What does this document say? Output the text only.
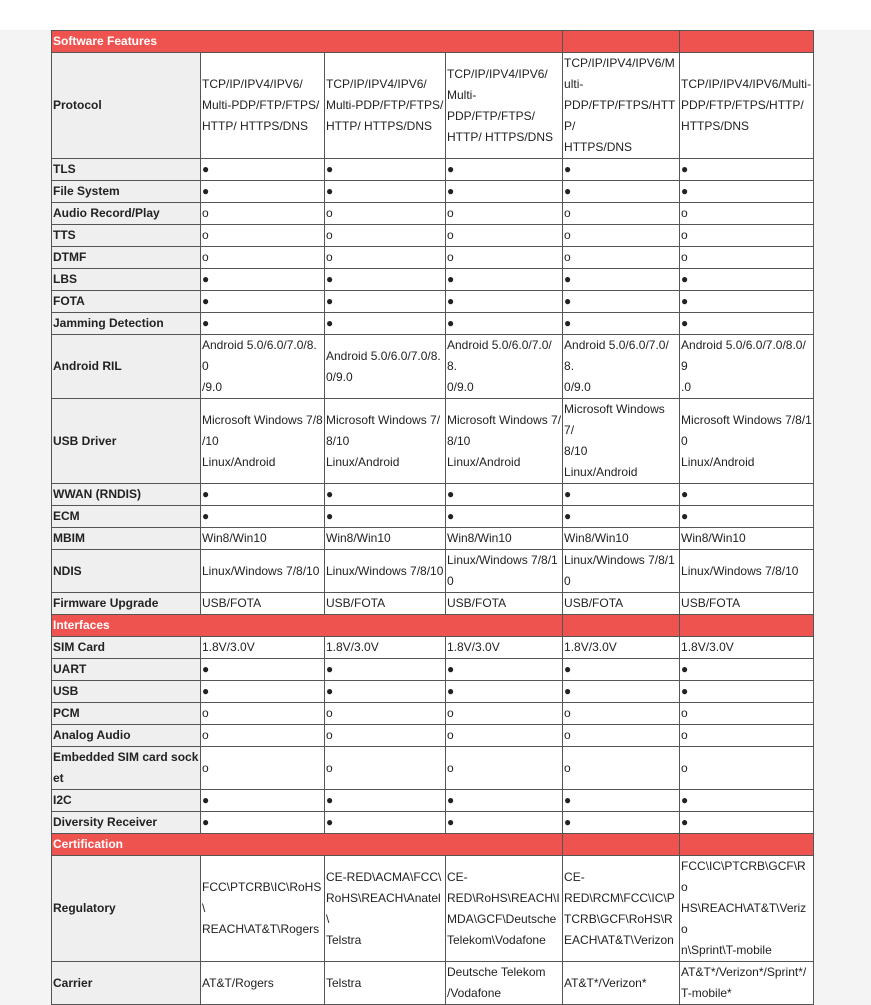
Software Features					

Protocol	TCP/IP/IPV4/IPV6/
Multi-PDP/FTP/FTPS/
HTTP/ HTTPS/DNS	TCP/IP/IPV4/IPV6/
Multi-PDP/FTP/FTPS/
HTTP/ HTTPS/DNS	TCP/IP/IPV4/IPV6/
Multi-
PDP/FTP/FTPS/
HTTP/ HTTPS/DNS	TCP/IP/IPV4/IPV6/M
ulti-
PDP/FTP/FTPS/HTT
P/
HTTPS/DNS	TCP/IP/IPV4/IPV6/Multi-
PDP/FTP/FTPS/HTTP/
HTTPS/DNS

TLS	●	●	●	●	●

File System	●	●	●	●	●

Audio Record/Play	o	o	o	o	o

TTS	o	o	o	o	o

DTMF	o	o	o	o	o

LBS	●	●	●	●	●

FOTA	●	●	●	●	●

Jamming Detection	●	●	●	●	●

Android RIL	Android 5.0/6.0/7.0/8.0
/9.0	Android 5.0/6.0/7.0/8.
0/9.0	Android 5.0/6.0/7.0/8.
0/9.0	Android 5.0/6.0/7.0/8.
0/9.0	Android 5.0/6.0/7.0/8.0/9
.0

USB Driver	Microsoft Windows 7/8
/10
Linux/Android	Microsoft Windows 7/
8/10
Linux/Android	Microsoft Windows 7/
8/10
Linux/Android	Microsoft Windows 7/
8/10
Linux/Android	Microsoft Windows 7/8/1
0
Linux/Android

WWAN (RNDIS)	●	●	●	●	●

ECM	●	●	●	●	●

MBIM	Win8/Win10	Win8/Win10	Win8/Win10	Win8/Win10	Win8/Win10

NDIS	Linux/Windows 7/8/10	Linux/Windows 7/8/10	Linux/Windows 7/8/1
0	Linux/Windows 7/8/1
0	Linux/Windows 7/8/10

Firmware Upgrade	USB/FOTA	USB/FOTA	USB/FOTA	USB/FOTA	USB/FOTA

Interfaces					

SIM Card	1.8V/3.0V	1.8V/3.0V	1.8V/3.0V	1.8V/3.0V	1.8V/3.0V

UART	●	●	●	●	●

USB	●	●	●	●	●

PCM	o	o	o	o	o

Analog Audio	o	o	o	o	o

Embedded SIM card sock
et	o	o	o	o	o

I2C	●	●	●	●	●

Diversity Receiver	●	●	●	●	●

Certification					

Regulatory	FCC\PTCRB\IC\RoHS\
REACH\AT&T\Rogers	CE-RED\ACMA\FCC\
RoHS\REACH\Anatel\
Telstra	CE-
RED\RoHS\REACH\I
MDA\GCF\Deutsche
Telekom\Vodafone	CE-
RED\RCM\FCC\IC\P
TCRB\GCF\RoHS\R
EACH\AT&T\Verizon	FCC\IC\PTCRB\GCF\Ro
HS\REACH\AT&T\Verizo
n\Sprint\T-mobile

Carrier	AT&T/Rogers	Telstra	Deutsche Telekom
/Vodafone	AT&T*/Verizon*	AT&T*/Verizon*/Sprint*/
T-mobile*
